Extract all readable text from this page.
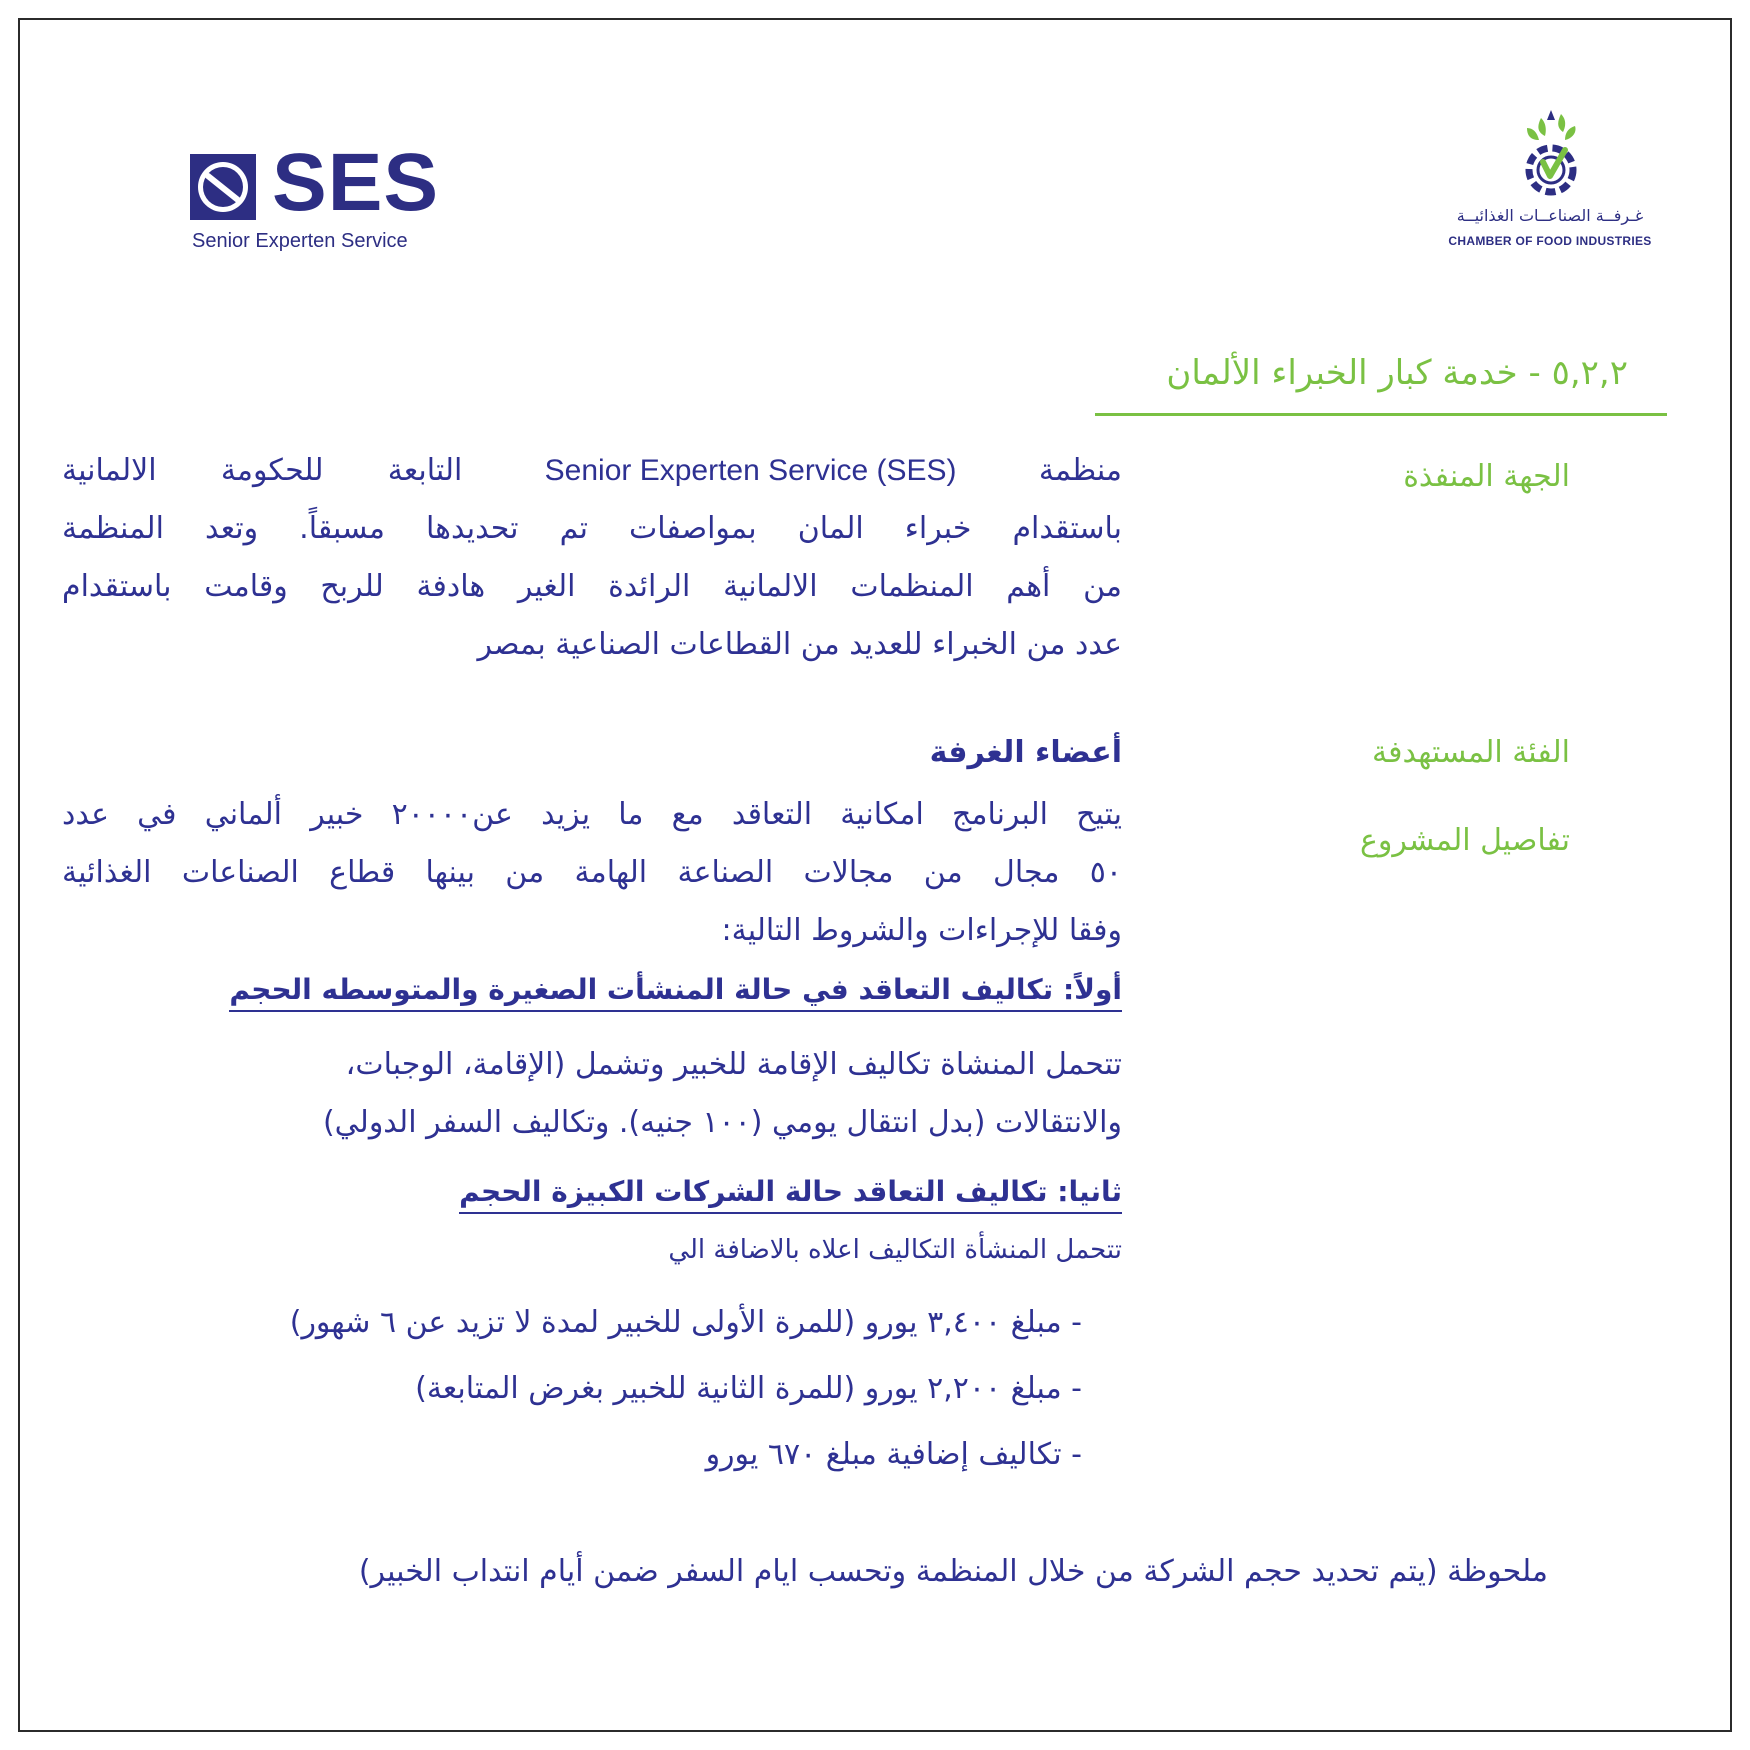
SES
Senior Experten Service
غـرفــة الصناعــات الغذائيــة
CHAMBER OF FOOD INDUSTRIES
٥,٢,٢ - خدمة كبار الخبراء الألمان
الجهة المنفذة
الفئة المستهدفة
تفاصيل المشروع
منظمة Senior Experten Service (SES) التابعة للحكومة الالمانية
باستقدام خبراء المان بمواصفات تم تحديدها مسبقاً. وتعد المنظمة
من أهم المنظمات الالمانية الرائدة الغير هادفة للربح وقامت باستقدام
عدد من الخبراء للعديد من القطاعات الصناعية بمصر
أعضاء الغرفة
يتيح البرنامج امكانية التعاقد مع ما يزيد عن٢٠٠٠٠ خبير ألماني في عدد
٥٠ مجال من مجالات الصناعة الهامة من بينها قطاع الصناعات الغذائية
وفقا للإجراءات والشروط التالية:
أولاً: تكاليف التعاقد في حالة المنشأت الصغيرة والمتوسطه الحجم
تتحمل المنشاة تكاليف الإقامة للخبير وتشمل (الإقامة، الوجبات،
والانتقالات (بدل انتقال يومي (١٠٠ جنيه). وتكاليف السفر الدولي)
ثانيا: تكاليف التعاقد حالة الشركات الكبيزة الحجم
تتحمل المنشأة التكاليف اعلاه بالاضافة الي
- مبلغ ٣,٤٠٠ يورو (للمرة الأولى للخبير لمدة لا تزيد عن ٦ شهور)
- مبلغ ٢,٢٠٠ يورو (للمرة الثانية للخبير بغرض المتابعة)
- تكاليف إضافية مبلغ ٦٧٠ يورو
ملحوظة (يتم تحديد حجم الشركة من خلال المنظمة وتحسب ايام السفر ضمن أيام انتداب الخبير)
